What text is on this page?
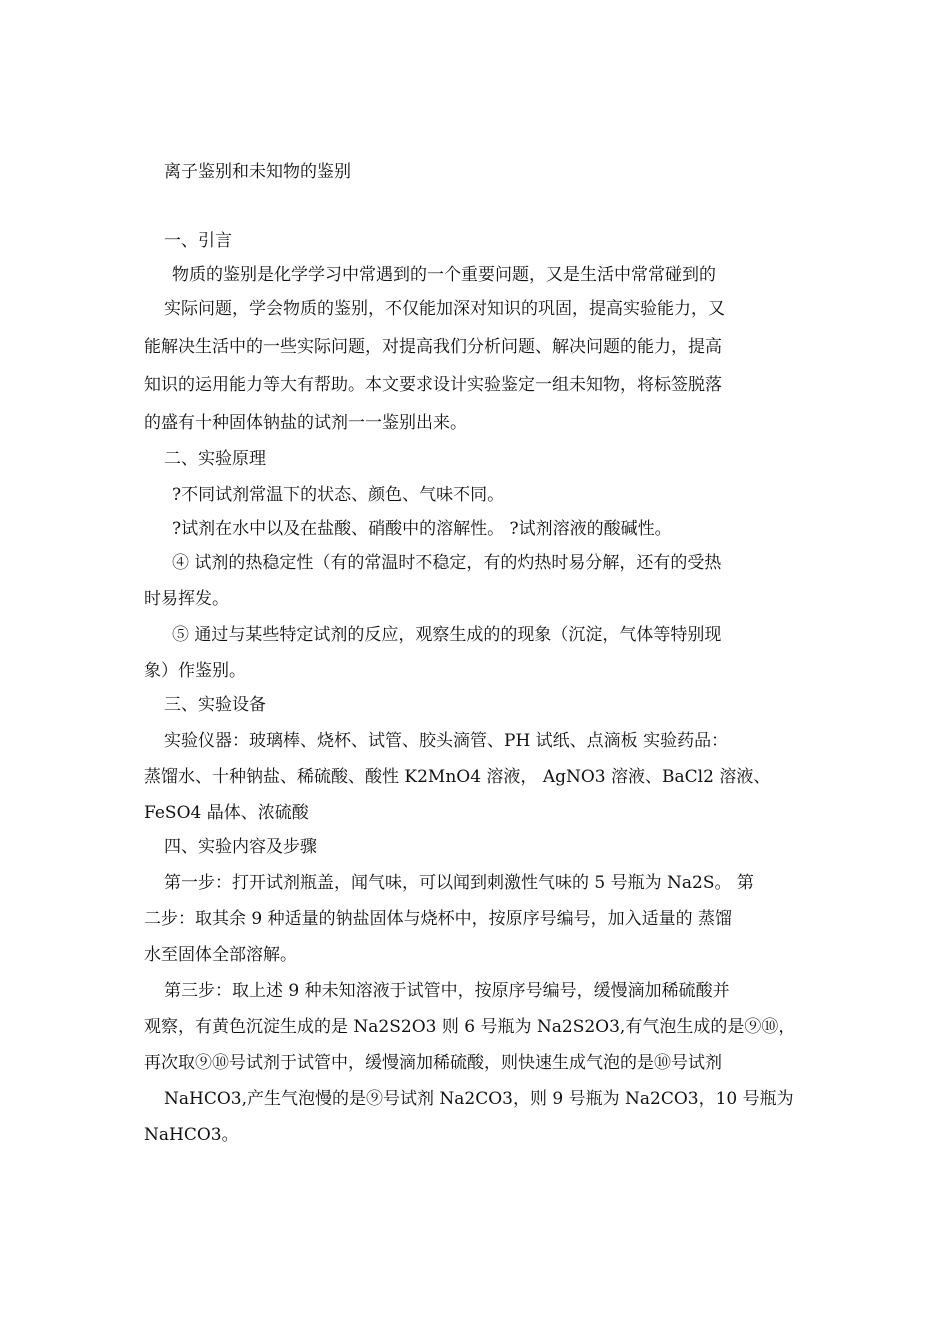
离子鉴别和未知物的鉴别
一、引言
物质的鉴别是化学学习中常遇到的一个重要问题，又是生活中常常碰到的
实际问题，学会物质的鉴别，不仅能加深对知识的巩固，提高实验能力，又
能解决生活中的一些实际问题，对提高我们分析问题、解决问题的能力，提高
知识的运用能力等大有帮助。本文要求设计实验鉴定一组未知物，将标签脱落
的盛有十种固体钠盐的试剂一一鉴别出来。
二、实验原理
?不同试剂常温下的状态、颜色、气味不同。
?试剂在水中以及在盐酸、硝酸中的溶解性。 ?试剂溶液的酸碱性。
④ 试剂的热稳定性（有的常温时不稳定，有的灼热时易分解，还有的受热
时易挥发。
⑤ 通过与某些特定试剂的反应，观察生成的的现象（沉淀，气体等特别现
象）作鉴别。
三、实验设备
实验仪器：玻璃棒、烧杯、试管、胶头滴管、PH 试纸、点滴板 实验药品：
蒸馏水、十种钠盐、稀硫酸、酸性 K2MnO4 溶液， AgNO3 溶液、BaCl2 溶液、
FeSO4 晶体、浓硫酸
四、实验内容及步骤
第一步：打开试剂瓶盖，闻气味，可以闻到刺激性气味的 5 号瓶为 Na2S。 第
二步：取其余 9 种适量的钠盐固体与烧杯中，按原序号编号，加入适量的 蒸馏
水至固体全部溶解。
第三步：取上述 9 种未知溶液于试管中，按原序号编号，缓慢滴加稀硫酸并
观察，有黄色沉淀生成的是 Na2S2O3 则 6 号瓶为 Na2S2O3,有气泡生成的是⑨⑩，
再次取⑨⑩号试剂于试管中，缓慢滴加稀硫酸，则快速生成气泡的是⑩号试剂
NaHCO3,产生气泡慢的是⑨号试剂 Na2CO3，则 9 号瓶为 Na2CO3，10 号瓶为
NaHCO3。
